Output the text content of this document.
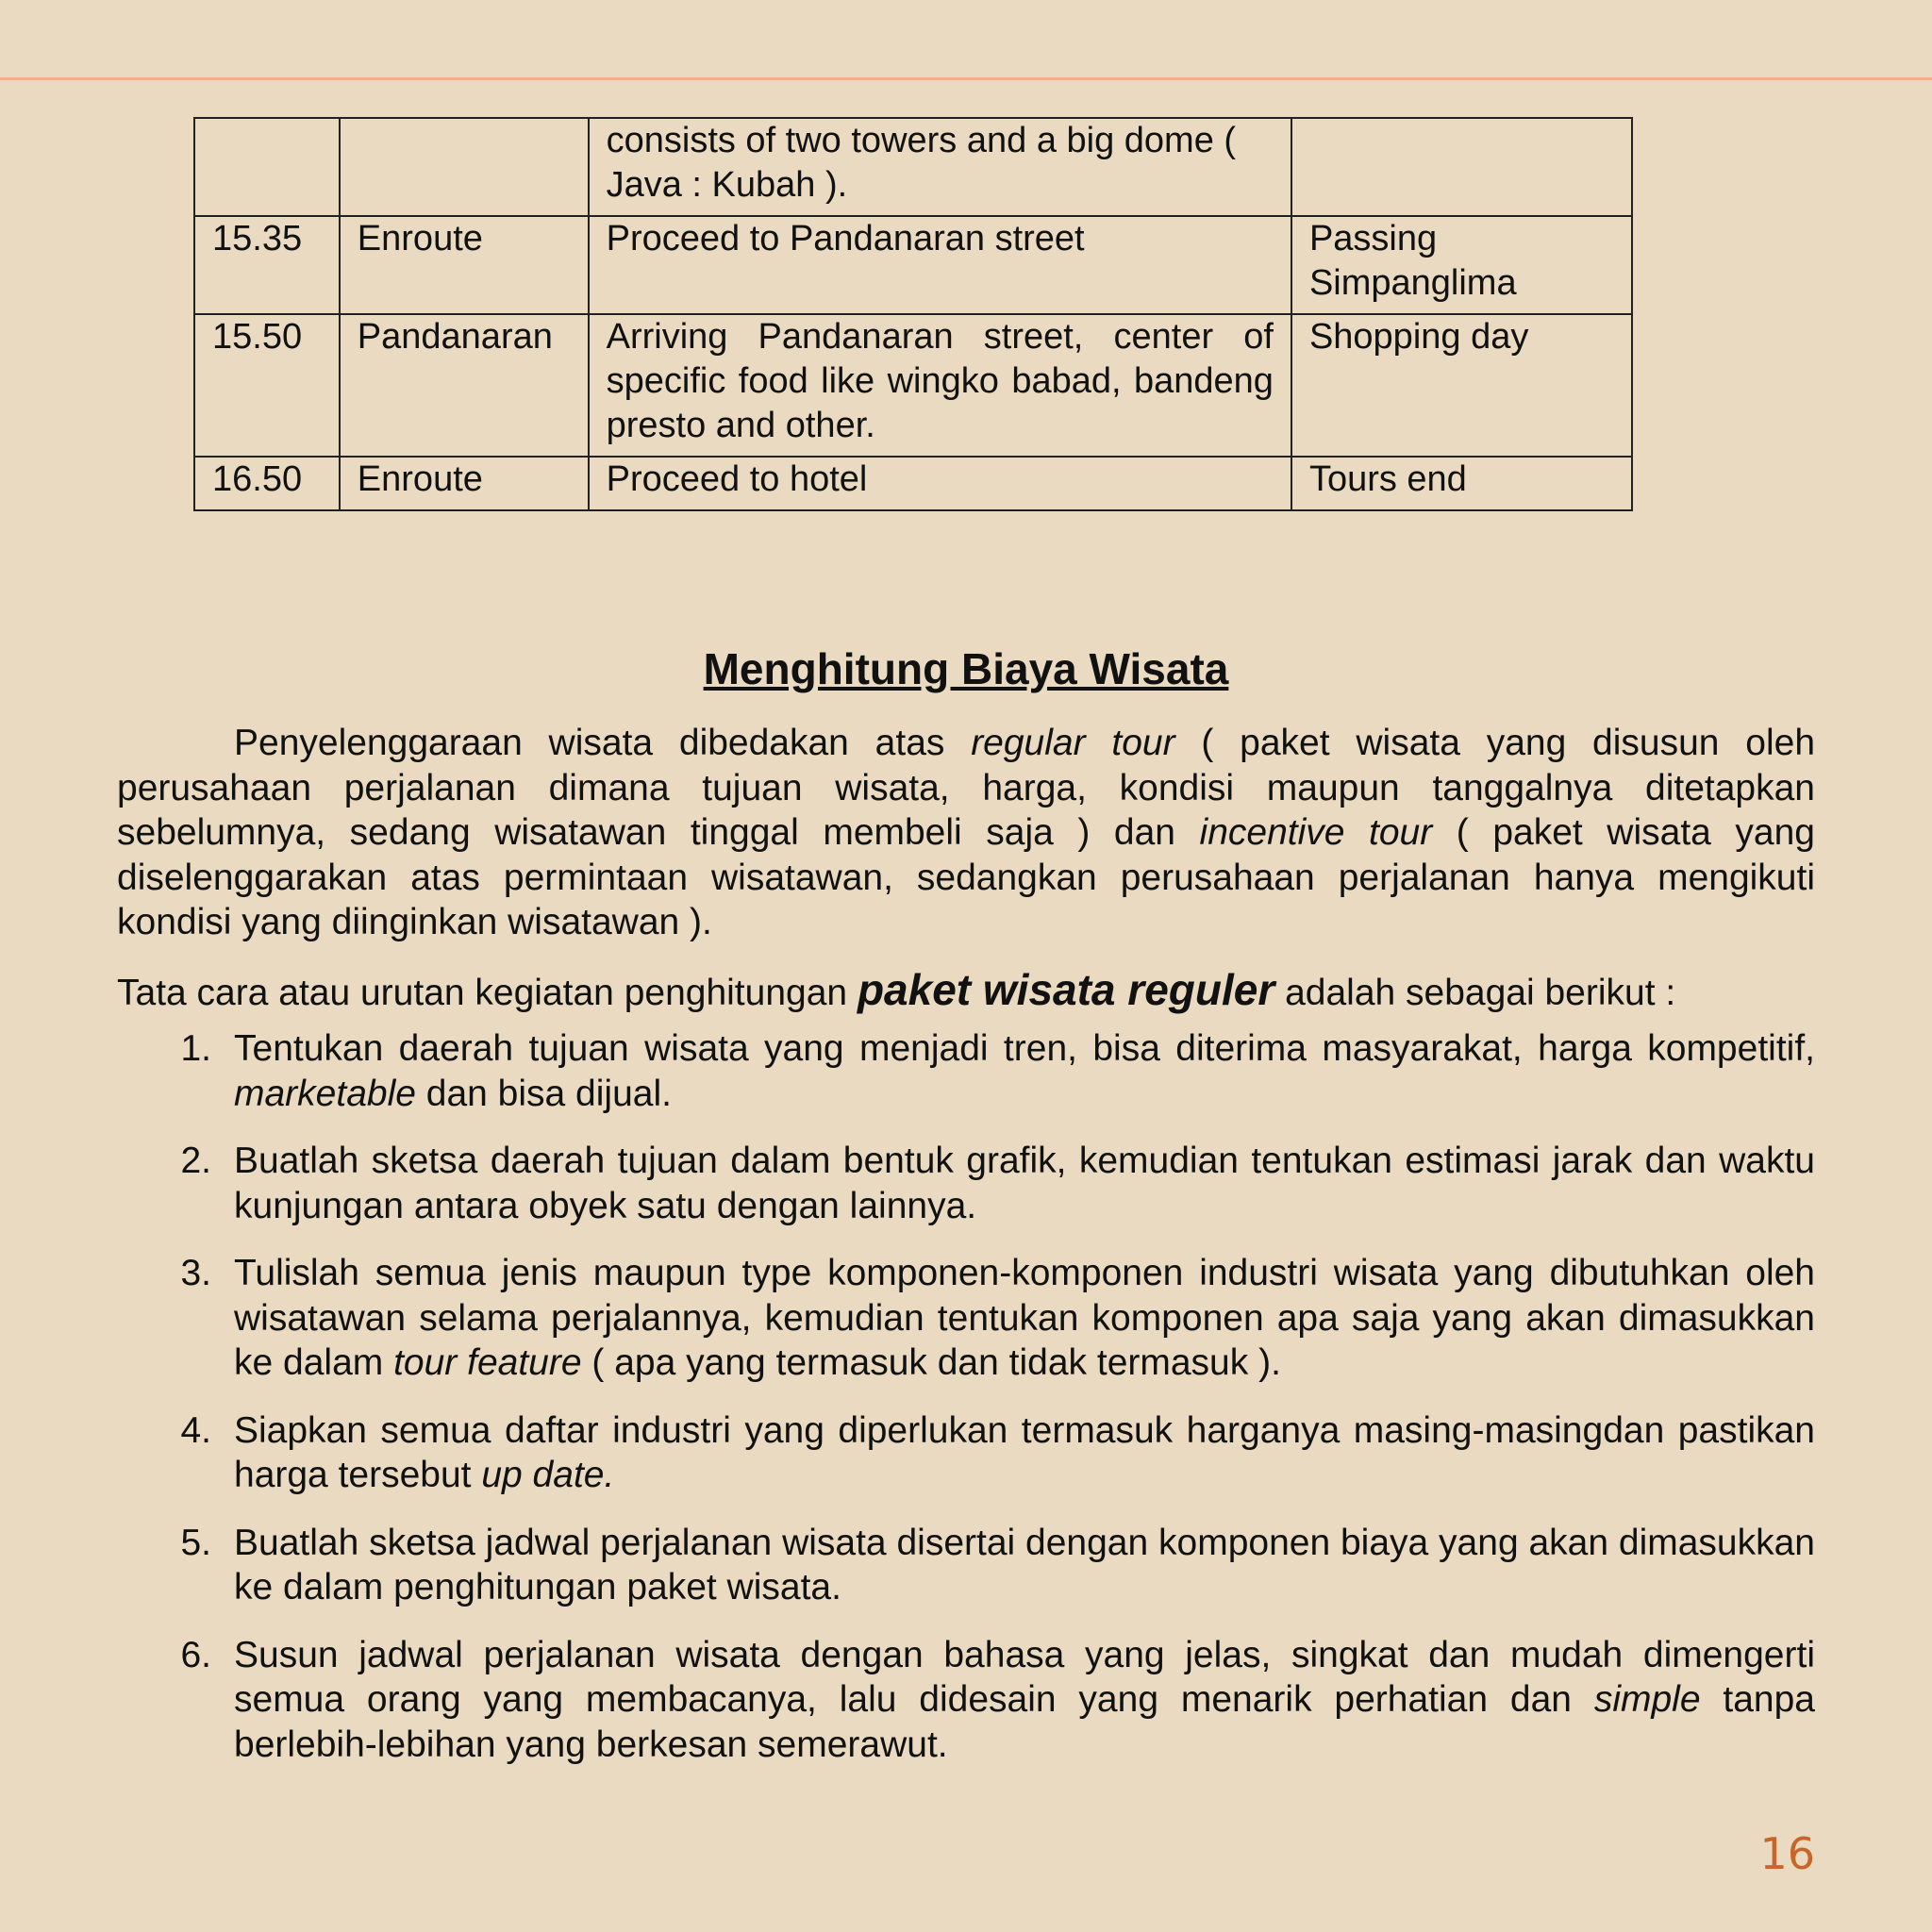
		consists of two towers and a big dome ( Java : Kubah ).	
15.35	Enroute	Proceed to Pandanaran street	Passing Simpanglima
15.50	Pandanaran	Arriving Pandanaran street, center of specific food like wingko babad, bandeng presto and other.	Shopping day
16.50	Enroute	Proceed to hotel	Tours end
Menghitung Biaya Wisata

Penyelenggaraan wisata dibedakan atas regular tour ( paket wisata yang disusun oleh perusahaan perjalanan dimana tujuan wisata, harga, kondisi maupun tanggalnya ditetapkan sebelumnya, sedang wisatawan tinggal membeli saja ) dan incentive tour ( paket wisata yang diselenggarakan atas permintaan wisatawan, sedangkan perusahaan perjalanan hanya mengikuti kondisi yang diinginkan wisatawan ).

Tata cara atau urutan kegiatan penghitungan paket wisata reguler adalah sebagai berikut :

1. Tentukan daerah tujuan wisata yang menjadi tren, bisa diterima masyarakat, harga kompetitif, marketable dan bisa dijual.
2. Buatlah sketsa daerah tujuan dalam bentuk grafik, kemudian tentukan estimasi jarak dan waktu kunjungan antara obyek satu dengan lainnya.
3. Tulislah semua jenis maupun type komponen-komponen industri wisata yang dibutuhkan oleh wisatawan selama perjalannya, kemudian tentukan komponen apa saja yang akan dimasukkan ke dalam tour feature ( apa yang termasuk dan tidak termasuk ).
4. Siapkan semua daftar industri yang diperlukan termasuk harganya masing-masingdan pastikan harga tersebut up date.
5. Buatlah sketsa jadwal perjalanan wisata disertai dengan komponen biaya yang akan dimasukkan ke dalam penghitungan paket wisata.
6. Susun jadwal perjalanan wisata dengan bahasa yang jelas, singkat dan mudah dimengerti semua orang yang membacanya, lalu didesain yang menarik perhatian dan simple tanpa berlebih-lebihan yang berkesan semerawut.
16
